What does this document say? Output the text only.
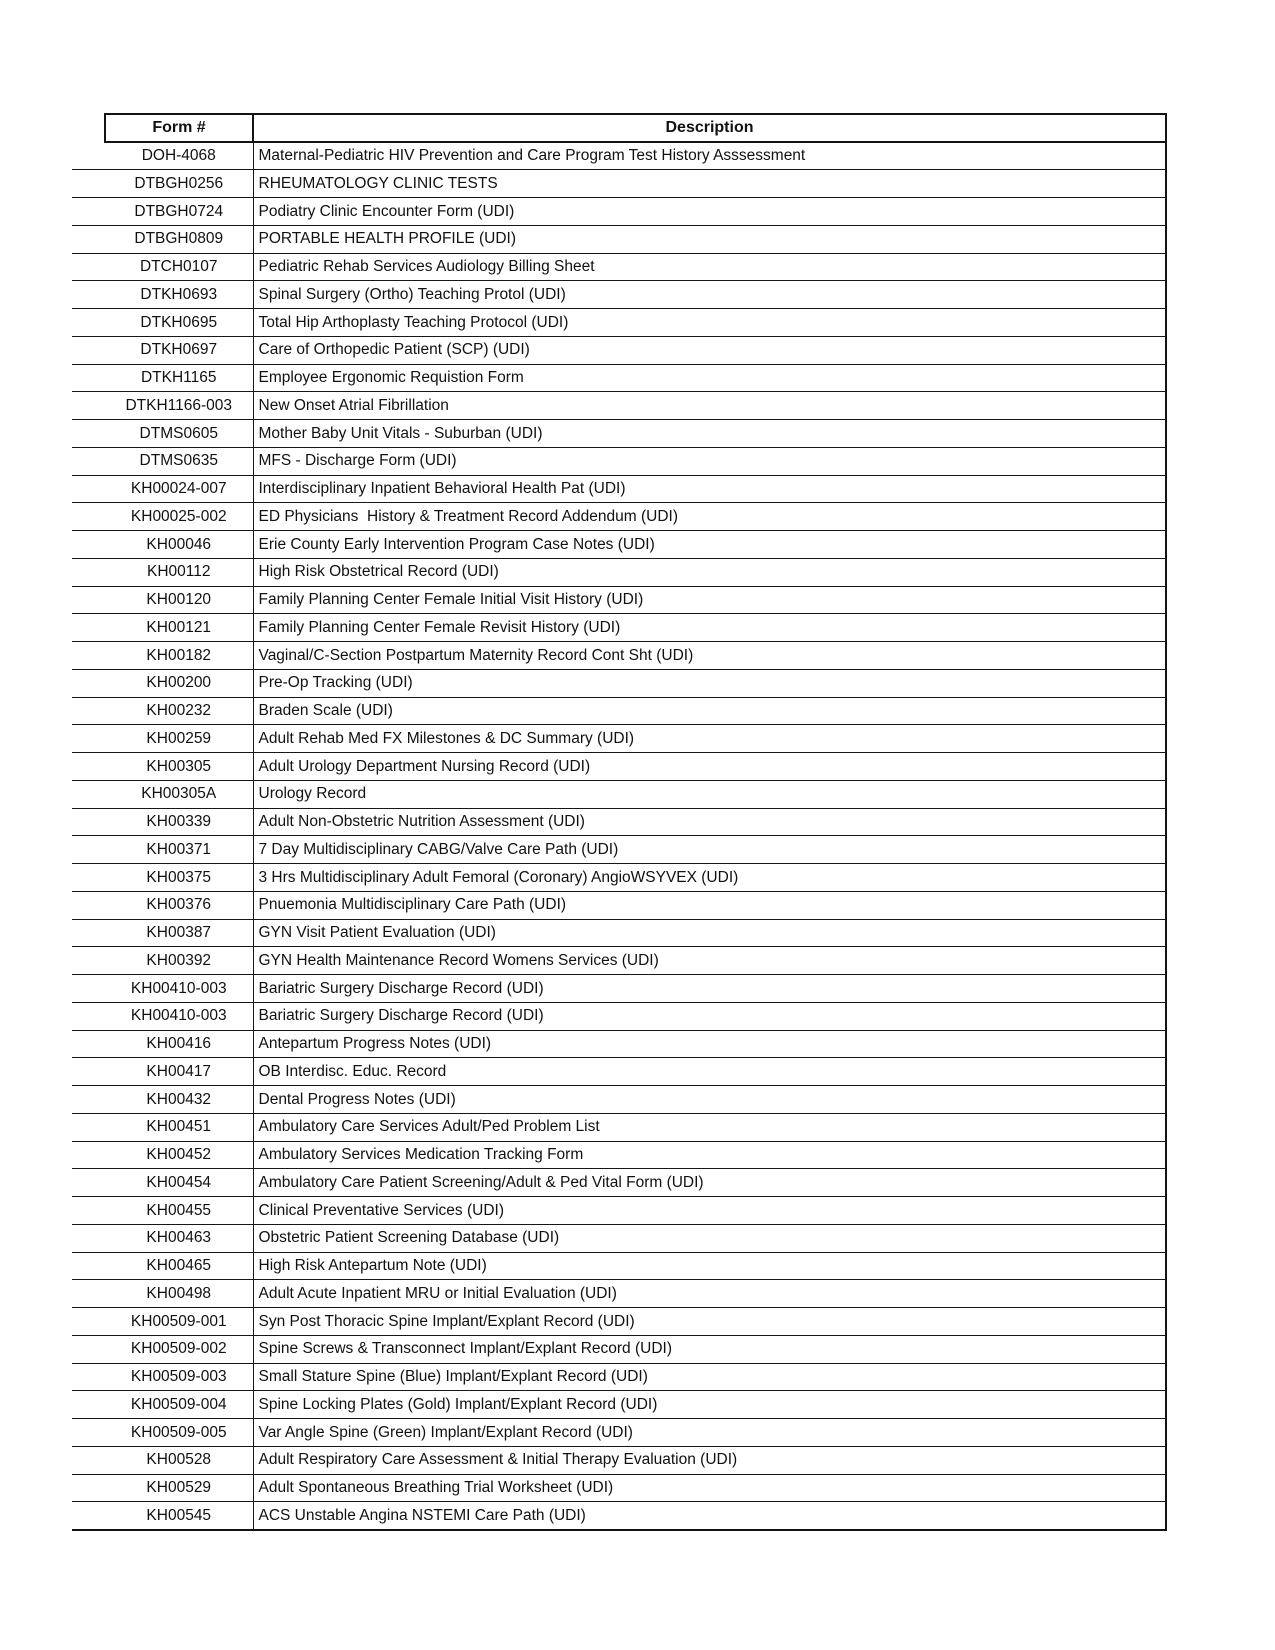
	Form #	Description
	DOH-4068	Maternal-Pediatric HIV Prevention and Care Program Test History Asssessment
	DTBGH0256	RHEUMATOLOGY CLINIC TESTS
	DTBGH0724	Podiatry Clinic Encounter Form (UDI)
	DTBGH0809	PORTABLE HEALTH PROFILE (UDI)
	DTCH0107	Pediatric Rehab Services Audiology Billing Sheet
	DTKH0693	Spinal Surgery (Ortho) Teaching Protol (UDI)
	DTKH0695	Total Hip Arthoplasty Teaching Protocol (UDI)
	DTKH0697	Care of Orthopedic Patient (SCP) (UDI)
	DTKH1165	Employee Ergonomic Requistion Form
	DTKH1166-003	New Onset Atrial Fibrillation
	DTMS0605	Mother Baby Unit Vitals - Suburban (UDI)
	DTMS0635	MFS - Discharge Form (UDI)
	KH00024-007	Interdisciplinary Inpatient Behavioral Health Pat (UDI)
	KH00025-002	ED Physicians  History & Treatment Record Addendum (UDI)
	KH00046	Erie County Early Intervention Program Case Notes (UDI)
	KH00112	High Risk Obstetrical Record (UDI)
	KH00120	Family Planning Center Female Initial Visit History (UDI)
	KH00121	Family Planning Center Female Revisit History (UDI)
	KH00182	Vaginal/C-Section Postpartum Maternity Record Cont Sht (UDI)
	KH00200	Pre-Op Tracking (UDI)
	KH00232	Braden Scale (UDI)
	KH00259	Adult Rehab Med FX Milestones & DC Summary (UDI)
	KH00305	Adult Urology Department Nursing Record (UDI)
	KH00305A	Urology Record
	KH00339	Adult Non-Obstetric Nutrition Assessment (UDI)
	KH00371	7 Day Multidisciplinary CABG/Valve Care Path (UDI)
	KH00375	3 Hrs Multidisciplinary Adult Femoral (Coronary) AngioWSYVEX (UDI)
	KH00376	Pnuemonia Multidisciplinary Care Path (UDI)
	KH00387	GYN Visit Patient Evaluation (UDI)
	KH00392	GYN Health Maintenance Record Womens Services (UDI)
	KH00410-003	Bariatric Surgery Discharge Record (UDI)
	KH00410-003	Bariatric Surgery Discharge Record (UDI)
	KH00416	Antepartum Progress Notes (UDI)
	KH00417	OB Interdisc. Educ. Record
	KH00432	Dental Progress Notes (UDI)
	KH00451	Ambulatory Care Services Adult/Ped Problem List
	KH00452	Ambulatory Services Medication Tracking Form
	KH00454	Ambulatory Care Patient Screening/Adult & Ped Vital Form (UDI)
	KH00455	Clinical Preventative Services (UDI)
	KH00463	Obstetric Patient Screening Database (UDI)
	KH00465	High Risk Antepartum Note (UDI)
	KH00498	Adult Acute Inpatient MRU or Initial Evaluation (UDI)
	KH00509-001	Syn Post Thoracic Spine Implant/Explant Record (UDI)
	KH00509-002	Spine Screws & Transconnect Implant/Explant Record (UDI)
	KH00509-003	Small Stature Spine (Blue) Implant/Explant Record (UDI)
	KH00509-004	Spine Locking Plates (Gold) Implant/Explant Record (UDI)
	KH00509-005	Var Angle Spine (Green) Implant/Explant Record (UDI)
	KH00528	Adult Respiratory Care Assessment & Initial Therapy Evaluation (UDI)
	KH00529	Adult Spontaneous Breathing Trial Worksheet (UDI)
	KH00545	ACS Unstable Angina NSTEMI Care Path (UDI)
